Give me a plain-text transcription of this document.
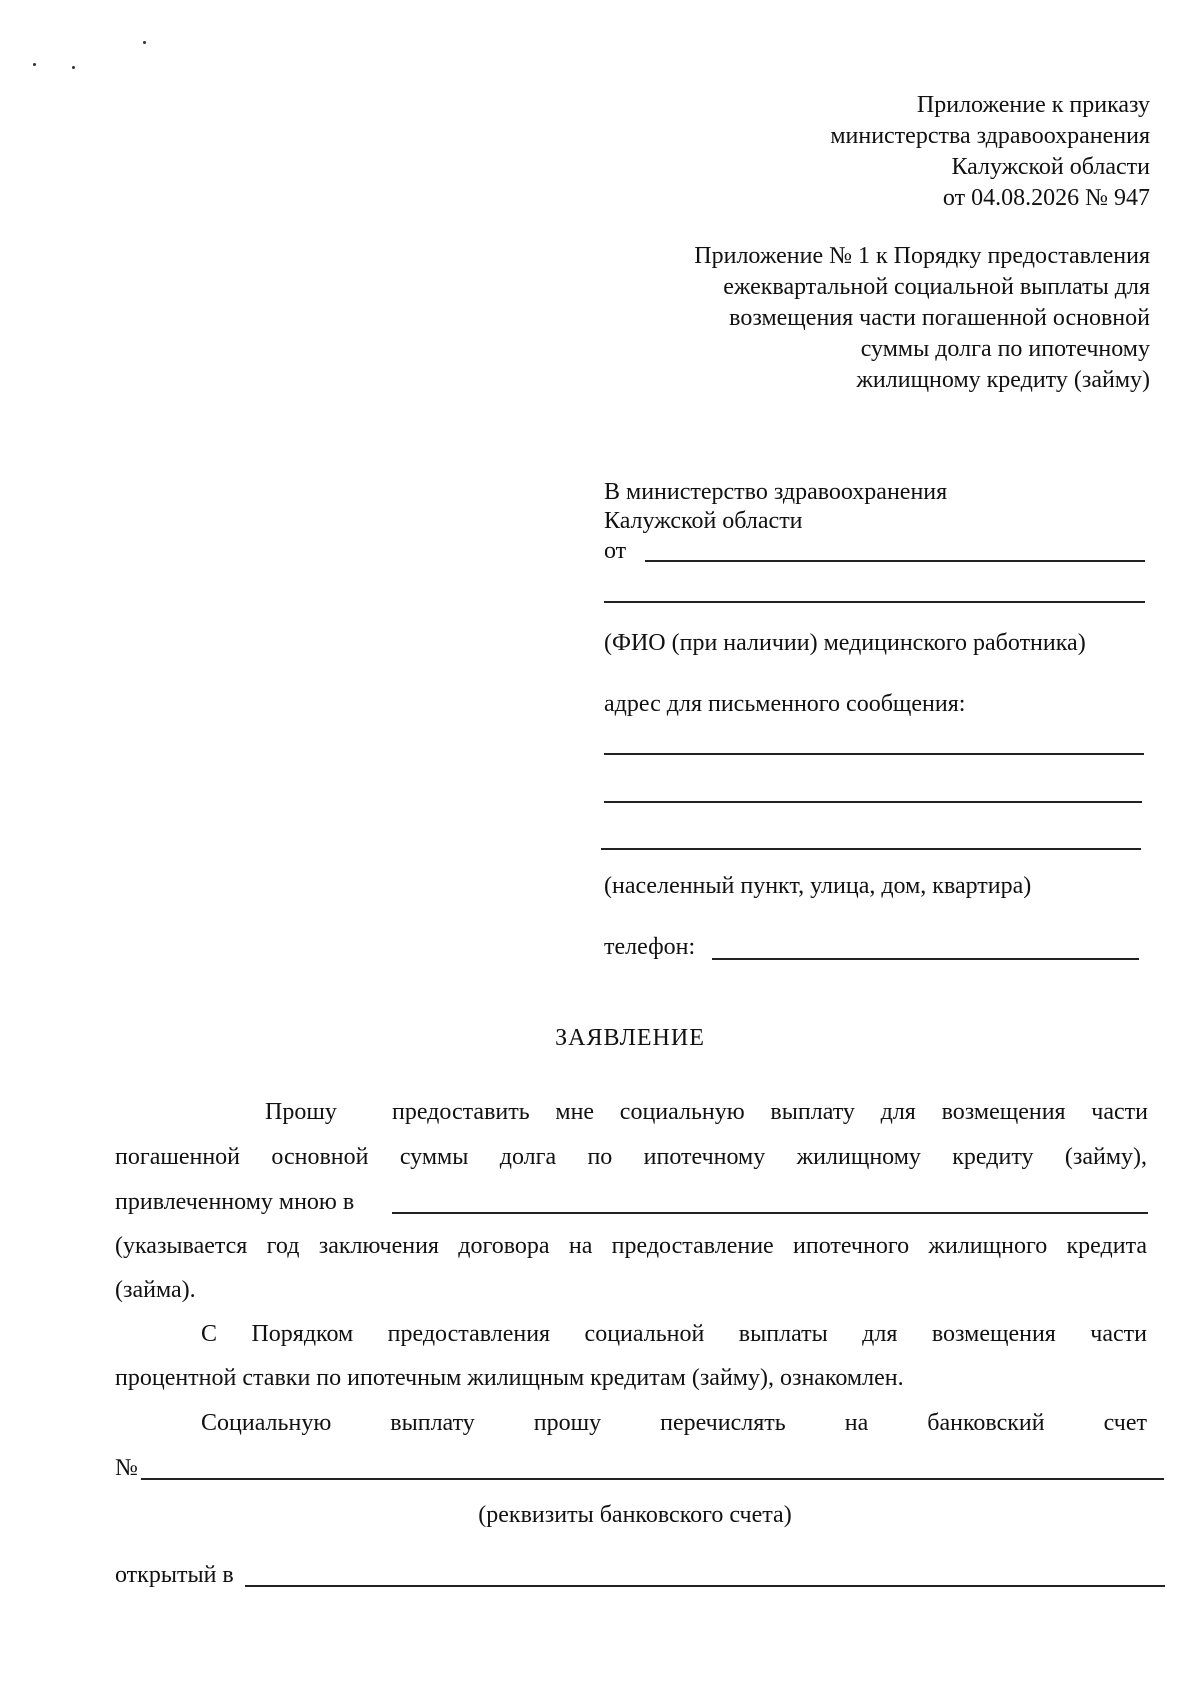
Приложение к приказу
министерства здравоохранения
Калужской области
от 04.08.2026 № 947
Приложение № 1 к Порядку предоставления
ежеквартальной социальной выплаты для
возмещения части погашенной основной
суммы долга по ипотечному
жилищному кредиту (займу)
В министерство здравоохранения
Калужской области
от
(ФИО (при наличии) медицинского работника)
адрес для письменного сообщения:
(населенный пункт, улица, дом, квартира)
телефон:
ЗАЯВЛЕНИЕ
Прошу предоставить мне социальную выплату для возмещения части
погашенной основной суммы долга по ипотечному жилищному кредиту (займу),
привлеченному мною в
(указывается год заключения договора на предоставление ипотечного жилищного кредита
(займа).
С Порядком предоставления социальной выплаты для возмещения части
процентной ставки по ипотечным жилищным кредитам (займу), ознакомлен.
Социальную выплату прошу перечислять на банковский счет
№
(реквизиты банковского счета)
открытый в
